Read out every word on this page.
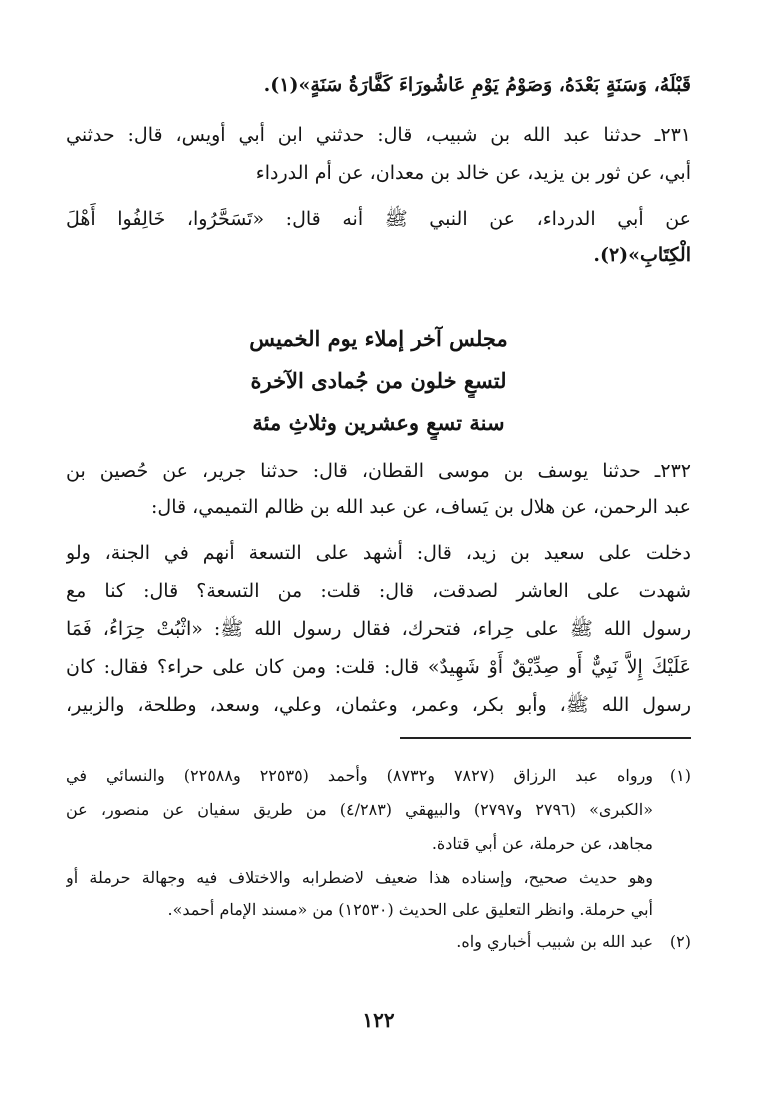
قَبْلَهُ، وَسَنَةٍ بَعْدَهُ، وَصَوْمُ يَوْمِ عَاشُورَاءَ كَفَّارَةُ سَنَةٍ»(١).
٢٣١ـ حدثنا عبد الله بن شبيب، قال: حدثني ابن أبي أويس، قال: حدثني
أبي، عن ثور بن يزيد، عن خالد بن معدان، عن أم الدرداء
عن أبي الدرداء، عن النبي ﷺ أنه قال: «تَسَحَّرُوا، خَالِفُوا أَهْلَ
الْكِتَابِ»(٢).
مجلس آخر إملاء يوم الخميس
لتسعٍ خلون من جُمادى الآخرة
سنة تسعٍ وعشرين وثلاثِ مئة
٢٣٢ـ حدثنا يوسف بن موسى القطان، قال: حدثنا جرير، عن حُصين بن
عبد الرحمن، عن هلال بن يَساف، عن عبد الله بن ظالم التميمي، قال:
دخلت على سعيد بن زيد، قال: أشهد على التسعة أنهم في الجنة، ولو
شهدت على العاشر لصدقت، قال: قلت: من التسعة؟ قال: كنا مع
رسول الله ﷺ على حِراء، فتحرك، فقال رسول الله ﷺ: «اثْبُتْ حِرَاءُ، فَمَا
عَلَيْكَ إِلاَّ نَبِيٌّ أَو صِدِّيْقٌ أَوْ شَهِيدٌ» قال: قلت: ومن كان على حراء؟ فقال: كان
رسول الله ﷺ، وأبو بكر، وعمر، وعثمان، وعلي، وسعد، وطلحة، والزبير،
(١)
ورواه عبد الرزاق (٧٨٢٧ و٨٧٣٢) وأحمد (٢٢٥٣٥ و٢٢٥٨٨) والنسائي في
«الكبرى» (٢٧٩٦ و٢٧٩٧) والبيهقي (٤/٢٨٣) من طريق سفيان عن منصور، عن
مجاهد، عن حرملة، عن أبي قتادة.
وهو حديث صحيح، وإسناده هذا ضعيف لاضطرابه والاختلاف فيه وجهالة حرملة أو
أبي حرملة. وانظر التعليق على الحديث (١٢٥٣٠) من «مسند الإمام أحمد».
(٢)
عبد الله بن شبيب أخباري واه.
١٢٢
